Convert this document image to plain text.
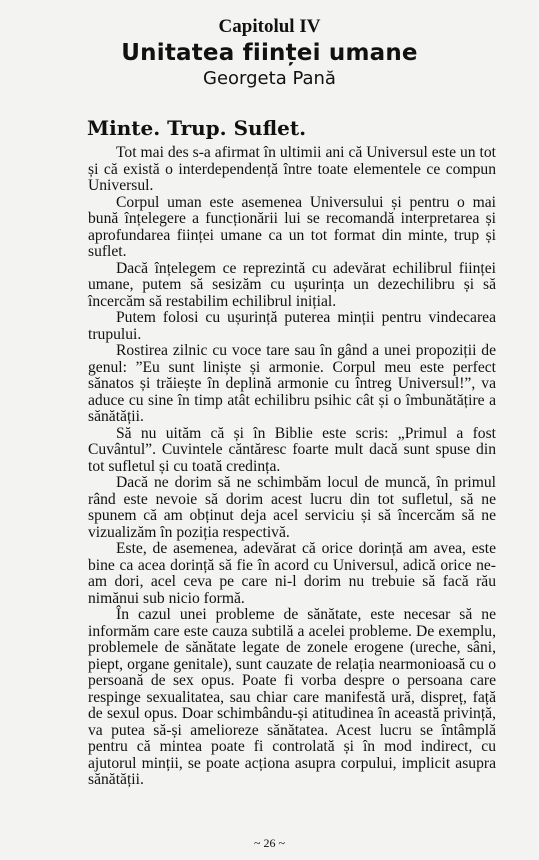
Capitolul IV
Unitatea ființei umane
Georgeta Pană
Minte. Trup. Suflet.

Tot mai des s-a afirmat în ultimii ani că Universul este un tot și că există o interdependență între toate elementele ce compun Universul.

Corpul uman este asemenea Universului și pentru o mai bună înțelegere a funcționării lui se recomandă interpretarea și aprofundarea ființei umane ca un tot format din minte, trup și suflet.

Dacă înțelegem ce reprezintă cu adevărat echilibrul ființei umane, putem să sesizăm cu ușurința un dezechilibru și să încercăm să restabilim echilibrul inițial.

Putem folosi cu ușurință puterea minții pentru vindecarea trupului.

Rostirea zilnic cu voce tare sau în gând a unei propoziții de genul: ”Eu sunt liniște și armonie. Corpul meu este perfect sănatos și trăiește în deplină armonie cu întreg Universul!”, va aduce cu sine în timp atât echilibru psihic cât și o îmbunătățire a sănătății.

Să nu uităm că și în Biblie este scris: „Primul a fost Cuvântul”. Cuvintele căntăresc foarte mult dacă sunt spuse din tot sufletul și cu toată credința.

Dacă ne dorim să ne schimbăm locul de muncă, în primul rând este nevoie să dorim acest lucru din tot sufletul, să ne spunem că am obținut deja acel serviciu și să încercăm să ne vizualizăm în poziția respectivă.

Este, de asemenea, adevărat că orice dorință am avea, este bine ca acea dorință să fie în acord cu Universul, adică orice ne-am dori, acel ceva pe care ni-l dorim nu trebuie să facă rău nimănui sub nicio formă.

În cazul unei probleme de sănătate, este necesar să ne informăm care este cauza subtilă a acelei probleme. De exemplu, problemele de sănătate legate de zonele erogene (ureche, sâni, piept, organe genitale), sunt cauzate de relația nearmonioasă cu o persoană de sex opus. Poate fi vorba despre o persoana care respinge sexualitatea, sau chiar care manifestă ură, dispreț, față de sexul opus. Doar schimbându-și atitudinea în această privință, va putea să-și amelioreze sănătatea. Acest lucru se întâmplă pentru că mintea poate fi controlată și în mod indirect, cu ajutorul minții, se poate acționa asupra corpului, implicit asupra sănătății.

~ 26 ~
